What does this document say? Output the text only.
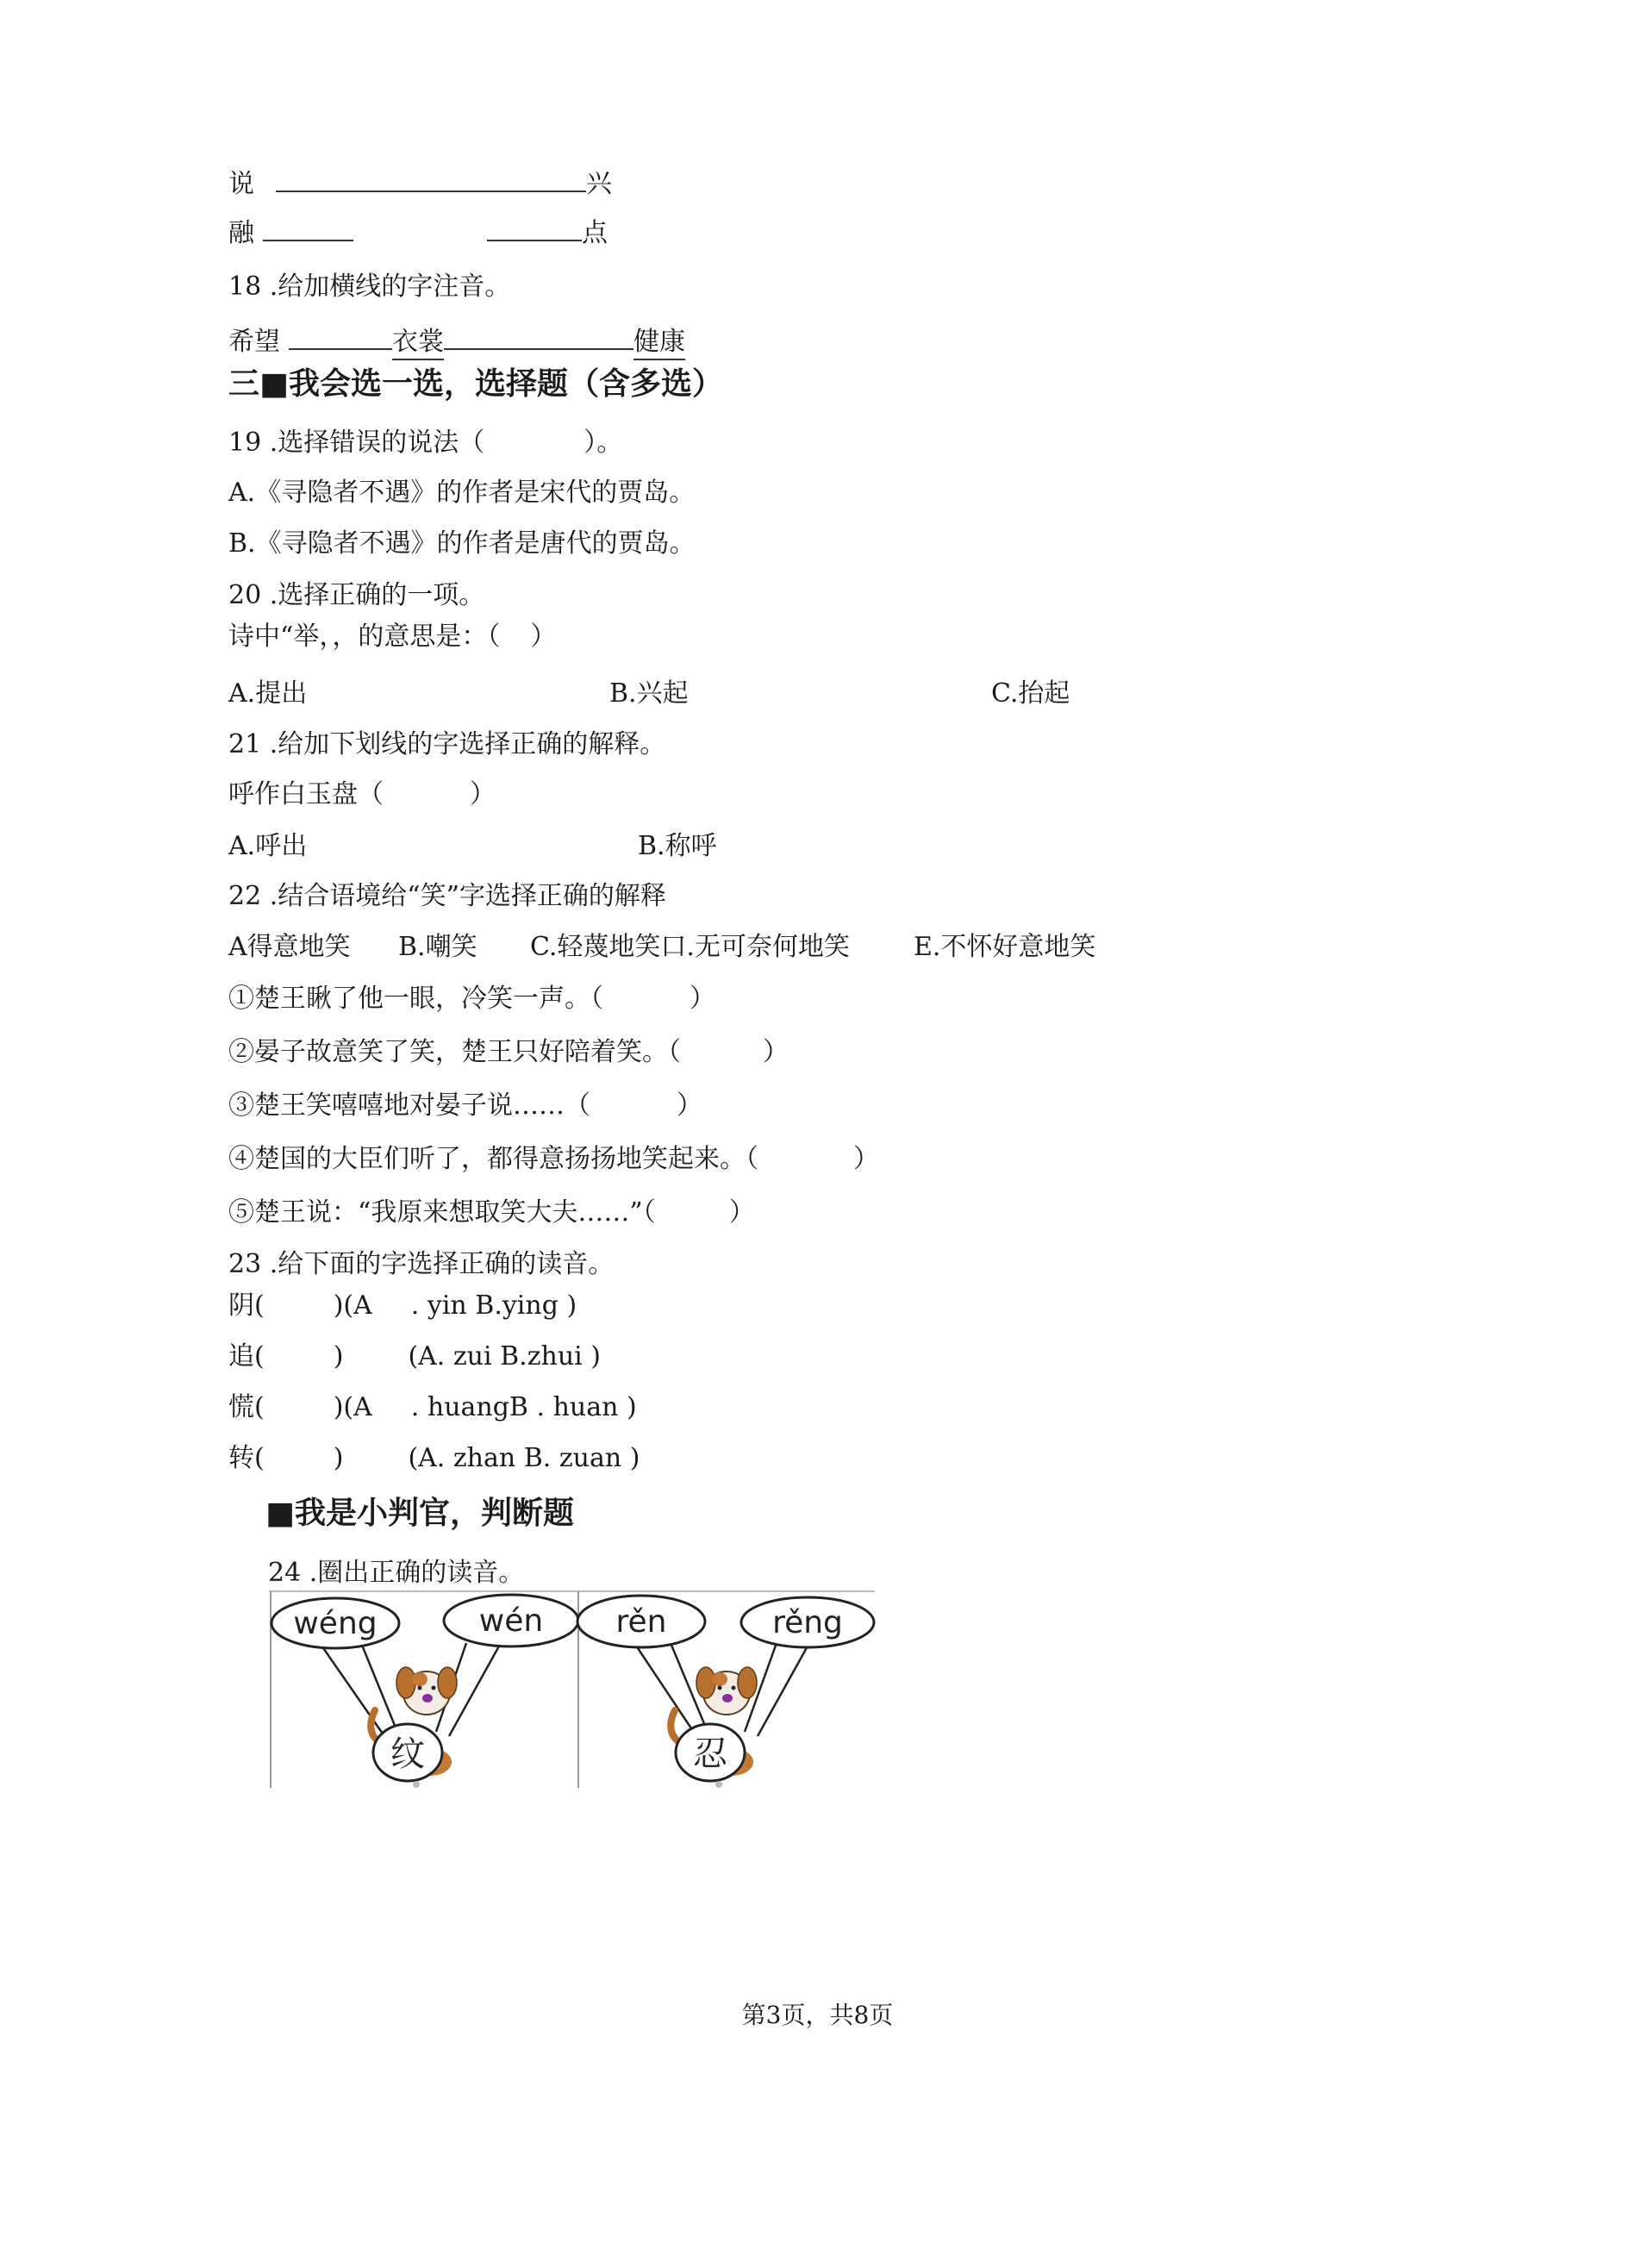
说	兴
融	点
18 .给加横线的字注音。
希望	衣裳	健康
三■我会选一选，选择题（含多选）
19 .选择错误的说法（	）。
A.《寻隐者不遇》的作者是宋代的贾岛。
B.《寻隐者不遇》的作者是唐代的贾岛。
20 .选择正确的一项。
诗中“举，，的意思是：（ ）
A.提出	B.兴起	C.抬起
21 .给加下划线的字选择正确的解释。
呼作白玉盘（	）
A.呼出	B.称呼
22 .结合语境给“笑”字选择正确的解释
A得意地笑 B.嘲笑 C.轻蔑地笑口.无可奈何地笑 E.不怀好意地笑
①楚王瞅了他一眼，冷笑一声。（	）
②晏子故意笑了笑，楚王只好陪着笑。（	）
③楚王笑嘻嘻地对晏子说……（	）
④楚国的大臣们听了，都得意扬扬地笑起来。（	）
⑤楚王说：“我原来想取笑大夫……”（	）
23 .给下面的字选择正确的读音。
阴(	)(A . yin B.ying )
追(	)	(A. zui B.zhui )
慌(	)(A . huangB . huan )
转(	)	(A. zhan B. zuan )
■我是小判官，判断题
24 .圈出正确的读音。
wéng	wén
纹
rěn	rěng
忍
第3页，共8页
